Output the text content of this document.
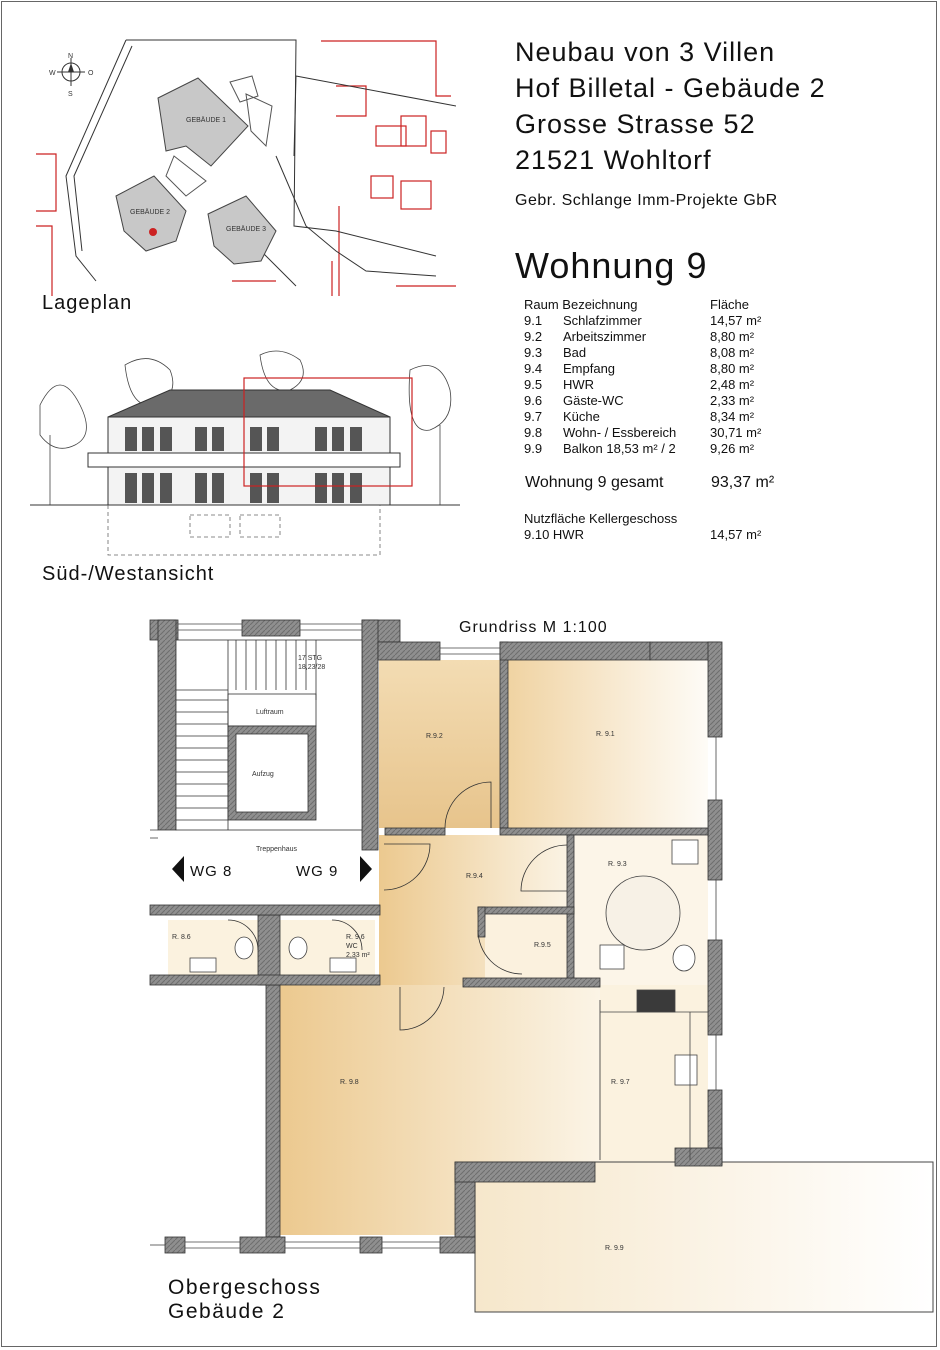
Neubau von 3 Villen
Hof Billetal - Gebäude 2
Grosse Strasse 52
21521 Wohltorf
Gebr. Schlange Imm-Projekte GbR
Wohnung 9
Raum Bezeichnung	Fläche
9.1 Schlafzimmer	14,57 m²
9.2 Arbeitszimmer	8,80 m²
9.3 Bad	8,08 m²
9.4 Empfang	8,80 m²
9.5 HWR	2,48 m²
9.6 Gäste-WC	2,33 m²
9.7 Küche	8,34 m²
9.8 Wohn- / Essbereich	30,71 m²
9.9 Balkon 18,53 m² / 2	9,26 m²
Wohnung 9 gesamt	93,37 m²
Nutzfläche Kellergeschoss
9.10 HWR	14,57 m²
N
S
W	O
GEBÄUDE 1
GEBÄUDE 2
GEBÄUDE 3
Lageplan
Süd-/Westansicht
17 STG
18,23/28
Luftraum
Aufzug
Treppenhaus
WG 8	WG 9
R.9.2	R. 9.1
R. 9.3
R.9.4
R.9.5
R. 9.7
R. 9.8
R. 9.9
R. 8.6	R. 9.6
WC
2,33 m²
Grundriss M 1:100
Obergeschoss
Gebäude 2
